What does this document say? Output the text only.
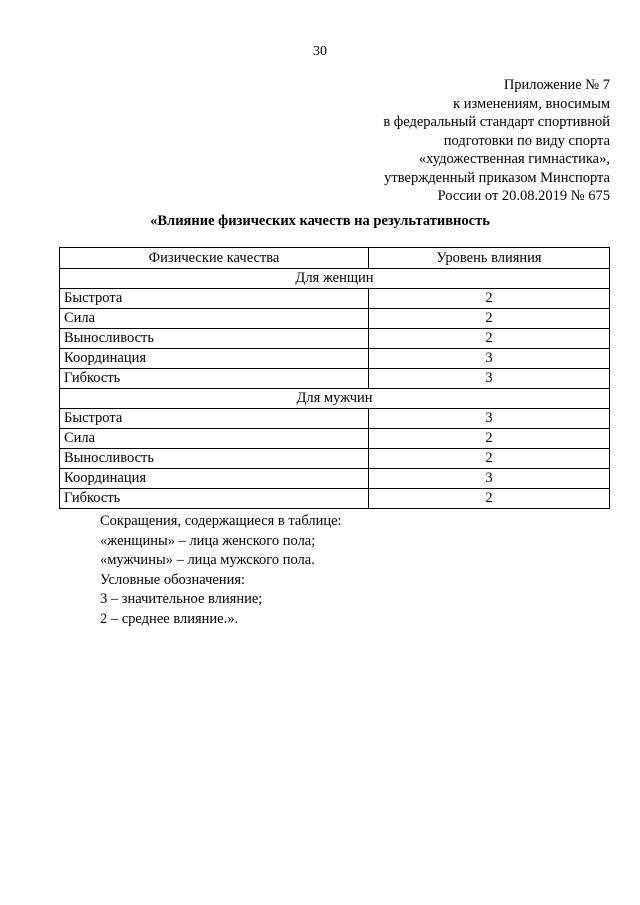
30
Приложение № 7
к изменениям, вносимым
в федеральный стандарт спортивной
подготовки по виду спорта
«художественная гимнастика»,
утвержденный приказом Минспорта
России от 20.08.2019 № 675
«Влияние физических качеств на результативность
Физические качества	Уровень влияния
Для женщин	
Быстрота	2
Сила	2
Выносливость	2
Координация	3
Гибкость	3
Для мужчин	
Быстрота	3
Сила	2
Выносливость	2
Координация	3
Гибкость	2
Сокращения, содержащиеся в таблице:
«женщины» – лица женского пола;
«мужчины» – лица мужского пола.
Условные обозначения:
3 – значительное влияние;
2 – среднее влияние.».
